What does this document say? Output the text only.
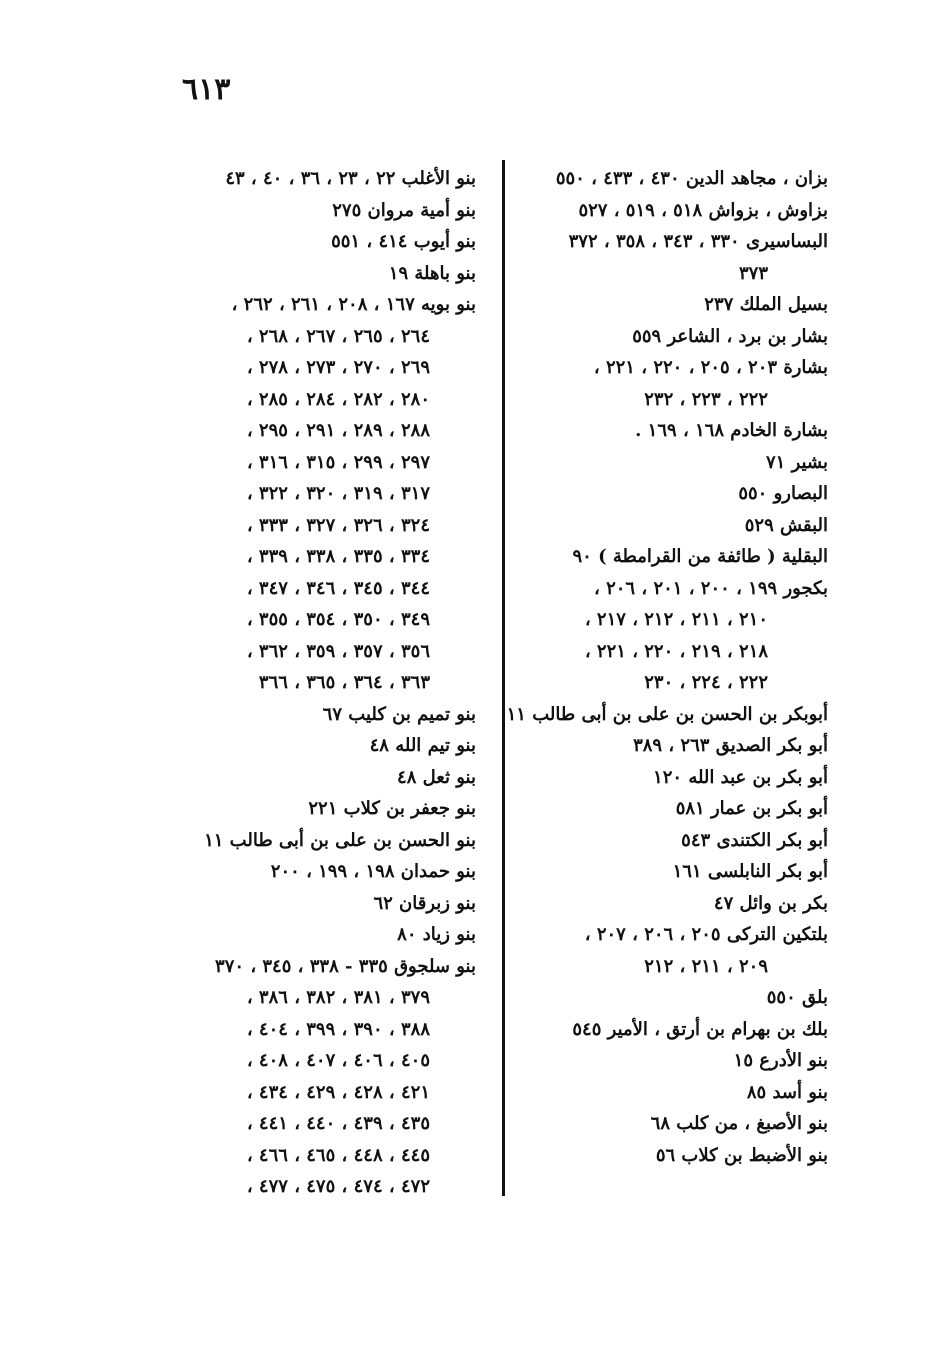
٦١٣
بزان ، مجاهد الدين ٤٣٠ ، ٤٣٣ ، ٥٥٠
بزاوش ، بزواش ٥١٨ ، ٥١٩ ، ٥٢٧
البساسيرى ٣٣٠ ، ٣٤٣ ، ٣٥٨ ، ٣٧٢
٣٧٣
بسيل الملك ٢٣٧
بشار بن برد ، الشاعر ٥٥٩
بشارة ٢٠٣ ، ٢٠٥ ، ٢٢٠ ، ٢٢١ ،
٢٢٢ ، ٢٢٣ ، ٢٣٢
بشارة الخادم ١٦٨ ، ١٦٩ .
بشير ٧١
البصارو ٥٥٠
البقش ٥٢٩
البقلية ( طائفة من القرامطة ) ٩٠
بكجور ١٩٩ ، ٢٠٠ ، ٢٠١ ، ٢٠٦ ،
٢١٠ ، ٢١١ ، ٢١٢ ، ٢١٧ ،
٢١٨ ، ٢١٩ ، ٢٢٠ ، ٢٢١ ،
٢٢٢ ، ٢٢٤ ، ٢٣٠
أبوبكر بن الحسن بن على بن أبى طالب ١١
أبو بكر الصديق ٢٦٣ ، ٣٨٩
أبو بكر بن عبد الله ١٢٠
أبو بكر بن عمار ٥٨١
أبو بكر الكتندى ٥٤٣
أبو بكر النابلسى ١٦١
بكر بن وائل ٤٧
بلتكين التركى ٢٠٥ ، ٢٠٦ ، ٢٠٧ ،
٢٠٩ ، ٢١١ ، ٢١٢
بلق ٥٥٠
بلك بن بهرام بن أرتق ، الأمير ٥٤٥
بنو الأدرع ١٥
بنو أسد ٨٥
بنو الأصبغ ، من كلب ٦٨
بنو الأضبط بن كلاب ٥٦
بنو الأغلب ٢٢ ، ٢٣ ، ٣٦ ، ٤٠ ، ٤٣
بنو أمية مروان ٢٧٥
بنو أيوب ٤١٤ ، ٥٥١
بنو باهلة ١٩
بنو بويه ١٦٧ ، ٢٠٨ ، ٢٦١ ، ٢٦٢ ،
٢٦٤ ، ٢٦٥ ، ٢٦٧ ، ٢٦٨ ،
٢٦٩ ، ٢٧٠ ، ٢٧٣ ، ٢٧٨ ،
٢٨٠ ، ٢٨٢ ، ٢٨٤ ، ٢٨٥ ،
٢٨٨ ، ٢٨٩ ، ٢٩١ ، ٢٩٥ ،
٢٩٧ ، ٢٩٩ ، ٣١٥ ، ٣١٦ ،
٣١٧ ، ٣١٩ ، ٣٢٠ ، ٣٢٢ ،
٣٢٤ ، ٣٢٦ ، ٣٢٧ ، ٣٣٣ ،
٣٣٤ ، ٣٣٥ ، ٣٣٨ ، ٣٣٩ ،
٣٤٤ ، ٣٤٥ ، ٣٤٦ ، ٣٤٧ ،
٣٤٩ ، ٣٥٠ ، ٣٥٤ ، ٣٥٥ ،
٣٥٦ ، ٣٥٧ ، ٣٥٩ ، ٣٦٢ ،
٣٦٣ ، ٣٦٤ ، ٣٦٥ ، ٣٦٦
بنو تميم بن كليب ٦٧
بنو تيم الله ٤٨
بنو ثعل ٤٨
بنو جعفر بن كلاب ٢٢١
بنو الحسن بن على بن أبى طالب ١١
بنو حمدان ١٩٨ ، ١٩٩ ، ٢٠٠
بنو زبرقان ٦٢
بنو زياد ٨٠
بنو سلجوق ٣٣٥ - ٣٣٨ ، ٣٤٥ ، ٣٧٠
٣٧٩ ، ٣٨١ ، ٣٨٢ ، ٣٨٦ ،
٣٨٨ ، ٣٩٠ ، ٣٩٩ ، ٤٠٤ ،
٤٠٥ ، ٤٠٦ ، ٤٠٧ ، ٤٠٨ ،
٤٢١ ، ٤٢٨ ، ٤٢٩ ، ٤٣٤ ،
٤٣٥ ، ٤٣٩ ، ٤٤٠ ، ٤٤١ ،
٤٤٥ ، ٤٤٨ ، ٤٦٥ ، ٤٦٦ ،
٤٧٢ ، ٤٧٤ ، ٤٧٥ ، ٤٧٧ ،
